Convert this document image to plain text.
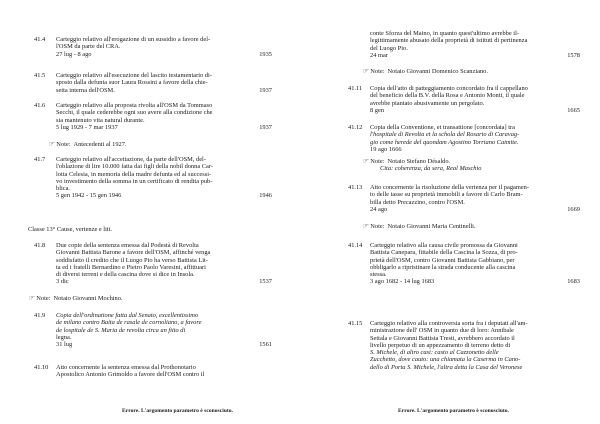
41.4	Carteggio relativo all'erogazione di un sussidio a favore del-
l'OSM da parte del CRA.
27 lug - 8 ago	1935
41.5	Carteggio relativo all'esecuzione del lascito testamentario di-
sposto dalla defunta suor Laura Rossini a favore della chie-
setta interna dell'OSM.	1937
41.6	Carteggio relativo alla proposta rivolta all'OSM da Tommaso
Secchi, il quale cederebbe ogni suo avere alla condizione che
sia mantenuto vita natural durante.
5 lug 1929 - 7 mar 1937	1937
☞ Note: Antecedenti al 1927.
41.7	Carteggio relativo all'accettazione, da parte dell'OSM, del-
l'oblazione di lire 10.000 fatta dai figli della nobil donna Car-
lotta Celesia, in memoria della madre defunta ed al successi-
vo investimento della somma in un certificato di rendita pub-
blica.
5 gen 1942 - 15 gen 1946	1946
Classe 13° Cause, vertenze e liti.
41.8	Due copie della sentenza emessa dal Podestà di Revolta
Giovanni Battista Barone a favore dell'OSM, affinché venga
soddisfatto il credito che il Luogo Pio ha verso Battista Lit-
ta ed i fratelli Bernardino e Pietro Paolo Varesini, affittuari
di diversi terreni e della cascina dove si dice in Insola.
3 dic	1537
☞ Note: Notaio Giovanni Mochino.
41.9	Copia dell'ordinatione fatta dal Senato, excellentissimo
de milano contro Baita de rasale de cornoliano, a favore
de lospitale de S. Maria de revolta circa un fitto di
legna.
31 lug	1561
41.10	Atto concernente la sentenza emessa dal Prothonotario
Apostolico Antonio Grimoldo a favore dell'OSM contro il
Errore. L'argomento parametro è sconosciuto.
conte Sforza del Maino, in quanto quest'ultimo avrebbe il-
legittimamente abusato della proprietà di istituti di pertinenza
del Luogo Pio.
24 mar	1578
☞ Note: Notaio Giovanni Domenico Scanziano.
41.11	Copia dell'atto di patteggiamento concordato fra il cappellano
del beneficio della B.V. della Rosa e Antonio Monti, il quale
avrebbe piantato abusivamente un pergolato.
8 gen	1665
41.12	Copia della Conventione, et transattione [concordata] tra
l'hospitale di Revolta et la schola del Rosario di Caravag-
gio come herede del quondam Agostino Torriano Caimite.
19 ago 1666
☞ Note: Notaio Stefano Désaldo.
Cita: coherenza, da sera, Real Maschio
41.13	Atto concernente la risoluzione della vertenza per il pagamen-
to delle tasse su proprietà immobili a favore di Carlo Bram-
billa detto Precazzino, contro l'OSM.
24 ago	1669
☞ Note: Notaio Giovanni Maria Centinelli.
41.14	Carteggio relativo alla causa civile promossa da Giovanni
Battista Canepara, fittabile della Cascina la Sozza, di pro-
prietà dell'OSM, contro Giovanni Battista Gabbiano, per
obbligarlo a ripristinare la strada conducente alla cascina
stessa.
3 ago 1682 - 14 lug 1683	1683
41.15	Carteggio relativo alla controversia sorta fra i deputati all'am-
ministrazione dell' OSM in quanto due di loro: Annibale
Settala e Giovanni Battista Tresti, avrebbero accordato il
livello perpetuo di un appezzamento di terreno detto di
S. Michele, di altro casi: casto al Cazzonetto delle
Zucchetto, dove cauto: una chiamata la Caserma in Cano-
dello di Porta S. Michele, l'altra detta la Casa del Veronese
Errore. L'argomento parametro è sconosciuto.
